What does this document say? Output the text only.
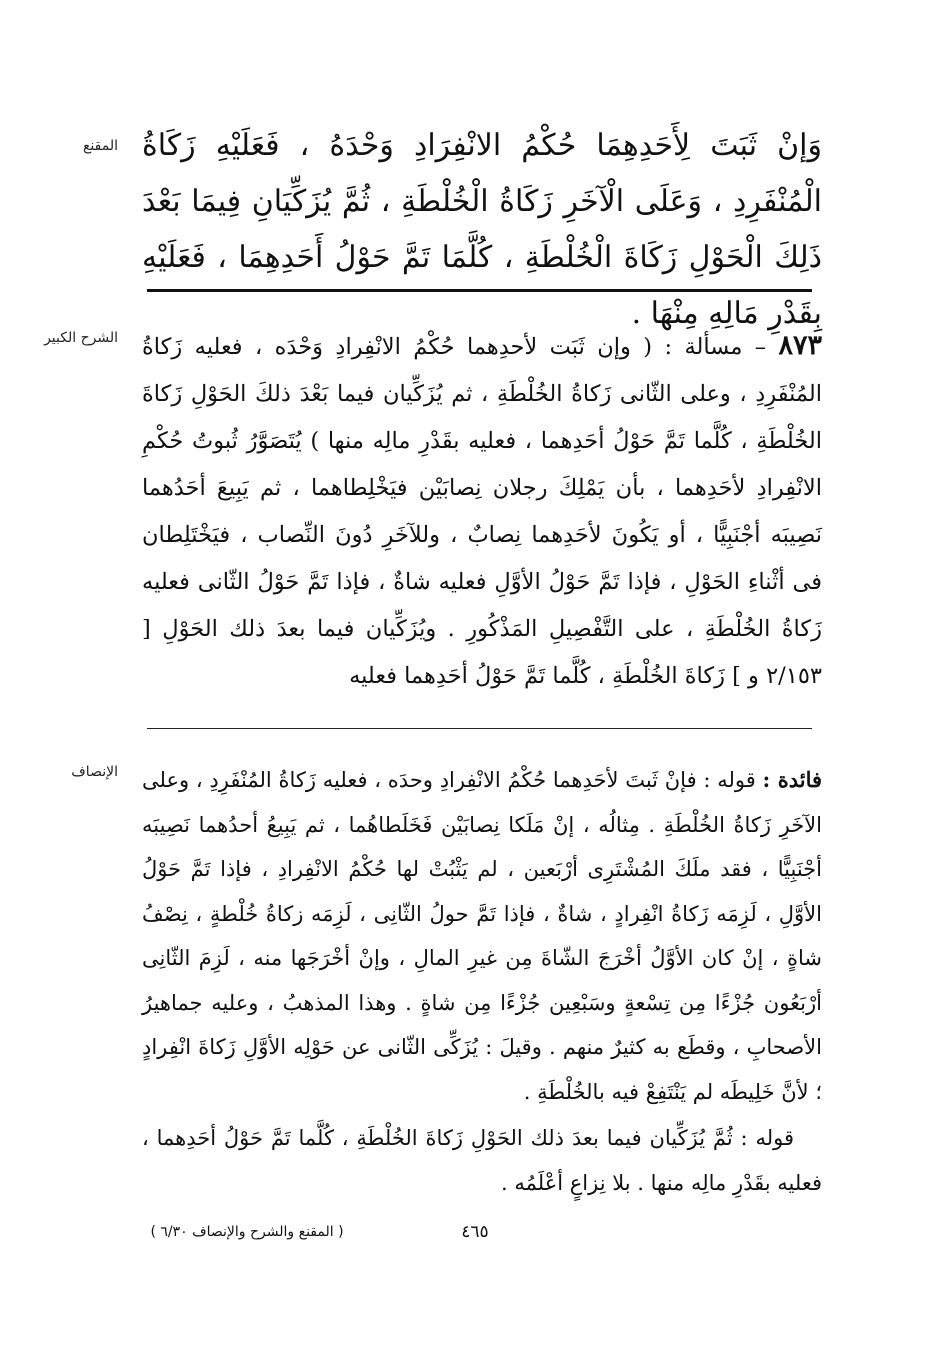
المقنع وَإنْ ثَبَتَ لِأَحَدِهِمَا حُكْمُ الانْفِرَادِ وَحْدَهُ ، فَعَلَيْهِ زَكَاةُ الْمُنْفَرِدِ ، وَعَلَى الْآخَرِ زَكَاةُ الْخُلْطَةِ ، ثُمَّ يُزَكِّيَانِ فِيمَا بَعْدَ ذَلِكَ الْحَوْلِ زَكَاةَ الْخُلْطَةِ ، كُلَّمَا تَمَّ حَوْلُ أَحَدِهِمَا ، فَعَلَيْهِ بِقَدْرِ مَالِهِ مِنْهَا .

الشرح الكبير	٨٧٣ – مسألة : ( وإن ثَبَت لأحدِهما حُكْمُ الانْفِرادِ وَحْدَه ، فعليه زَكاةُ المُنْفَرِدِ ، وعلى الثّانى زَكاةُ الخُلْطَةِ ، ثم يُزَكِّيان فيما بَعْدَ ذلكَ الحَوْلِ زَكاةَ الخُلْطَةِ ، كُلَّما تَمَّ حَوْلُ أحَدِهما ، فعليه بقَدْرِ مالِه منها ) يُتَصَوَّرُ ثُبوتُ حُكْمِ الانْفِرادِ لأحَدِهما ، بأن يَمْلِكَ رجلان نِصابَيْن فيَخْلِطاهما ، ثم يَبِيعَ أحَدُهما نَصِيبَه أجْنَبِيًّا ، أو يَكُونَ لأحَدِهما نِصابٌ ، وللآخَرِ دُونَ النِّصاب ، فيَخْتَلِطان فى أثْناءِ الحَوْلِ ، فإذا تَمَّ حَوْلُ الأوَّلِ فعليه شاةٌ ، فإذا تَمَّ حَوْلُ الثّانى فعليه زَكاةُ الخُلْطَةِ ، على التَّفْصِيلِ المَذْكُورِ . ويُزَكِّيان فيما بعدَ ذلك الحَوْلِ [ ٢/١٥٣ و ] زَكاةَ الخُلْطَةِ ، كُلَّما تَمَّ حَوْلُ أحَدِهما فعليه

الإنصاف	فائدة : قوله : فإنْ ثَبتَ لأحَدِهما حُكْمُ الانْفِرادِ وحدَه ، فعليه زَكاةُ المُنْفَرِدِ ، وعلى الآخَرِ زَكاةُ الخُلْطَةِ . مِثالُه ، إنْ مَلَكا نِصابَيْن فَخَلَطاهُما ، ثم يَبِيعُ أحدُهما نَصِيبَه أجْنَبِيًّا ، فقد ملَكَ المُشْتَرِى أرْبَعين ، لم يَثْبُتْ لها حُكْمُ الانْفِرادِ ، فإذا تَمَّ حَوْلُ الأوَّلِ ، لَزِمَه زَكاةُ انْفِرادٍ ، شاةٌ ، فإذا تَمَّ حولُ الثّانِى ، لَزِمَه زكاةُ خُلْطةٍ ، نِصْفُ شاةٍ ، إنْ كان الأوَّلُ أخْرَجَ الشّاةَ مِن غيرِ المالِ ، وإنْ أخْرَجَها منه ، لَزِمَ الثّانِى أرْبَعُون جُزْءًا مِن تِسْعةٍ وسَبْعِين جُزْءًا مِن شاةٍ . وهذا المذهبُ ، وعليه جماهيرُ الأصحابِ ، وقطَع به كثيرٌ منهم . وقيلَ : يُزَكِّى الثّانى عن حَوْلِه الأوَّلِ زَكاةَ انْفِرادٍ ؛ لأنَّ خَلِيطَه لم يَنْتَفِعْ فيه بالخُلْطَةِ .

قوله : ثُمَّ يُزَكِّيان فيما بعدَ ذلك الحَوْلِ زَكاةَ الخُلْطَةِ ، كُلَّما تَمَّ حَوْلُ أحَدِهما ، فعليه بقَدْرِ مالِه منها . بلا نِزاعٍ أعْلَمُه .

٤٦٥
( المقنع والشرح والإنصاف ٦/٣٠ )
